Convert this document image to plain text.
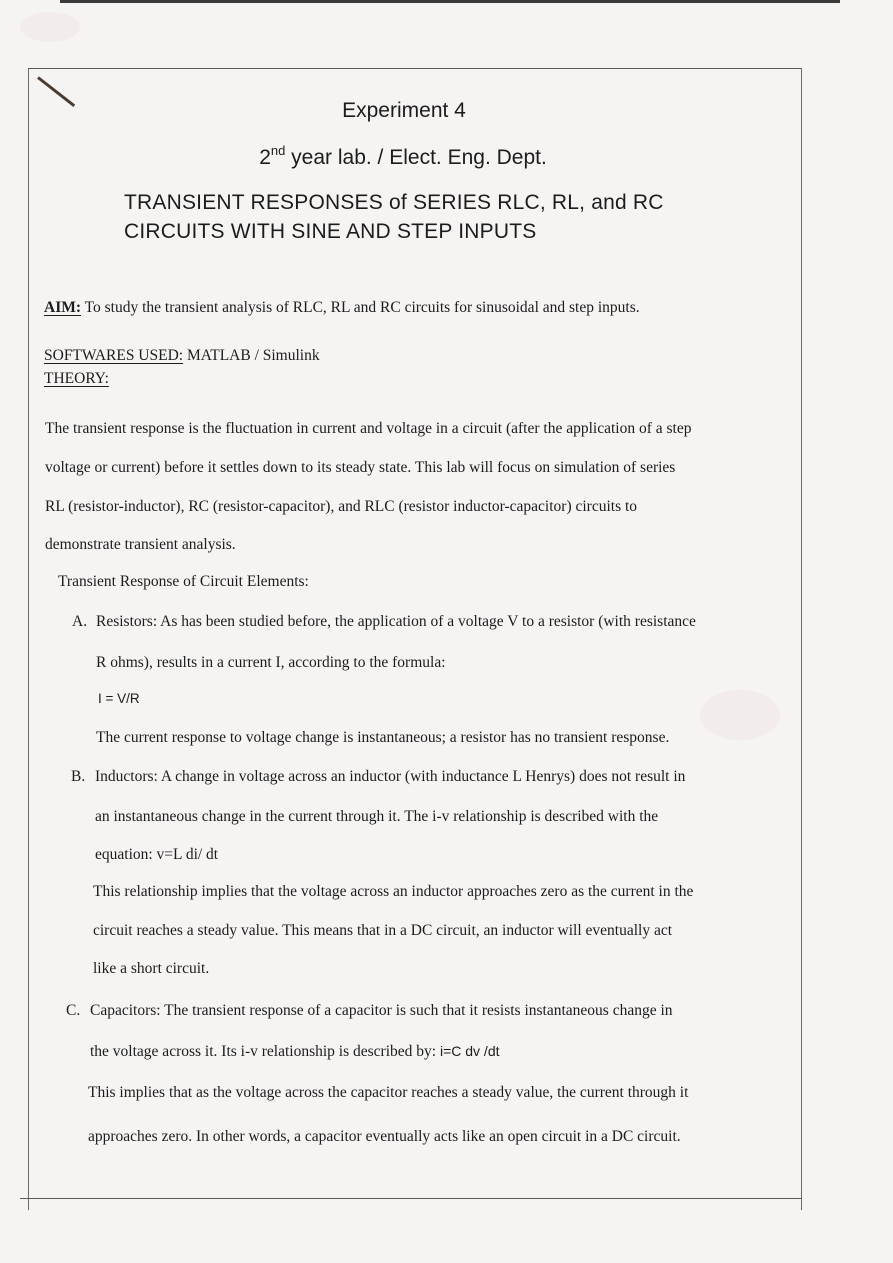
Experiment 4
2nd year lab. / Elect. Eng. Dept.
TRANSIENT RESPONSES of SERIES RLC, RL, and RC
CIRCUITS WITH SINE AND STEP INPUTS
AIM: To study the transient analysis of RLC, RL and RC circuits for sinusoidal and step inputs.
SOFTWARES USED: MATLAB / Simulink
THEORY:
The transient response is the fluctuation in current and voltage in a circuit (after the application of a step
voltage or current) before it settles down to its steady state. This lab will focus on simulation of series
RL (resistor-inductor), RC (resistor-capacitor), and RLC (resistor inductor-capacitor) circuits to
demonstrate transient analysis.
Transient Response of Circuit Elements:
A. Resistors: As has been studied before, the application of a voltage V to a resistor (with resistance
R ohms), results in a current I, according to the formula:
I = V/R
The current response to voltage change is instantaneous; a resistor has no transient response.
B. Inductors: A change in voltage across an inductor (with inductance L Henrys) does not result in
an instantaneous change in the current through it. The i-v relationship is described with the
equation: v=L di/ dt
This relationship implies that the voltage across an inductor approaches zero as the current in the
circuit reaches a steady value. This means that in a DC circuit, an inductor will eventually act
like a short circuit.
C. Capacitors: The transient response of a capacitor is such that it resists instantaneous change in
the voltage across it. Its i-v relationship is described by: i=C dv /dt
This implies that as the voltage across the capacitor reaches a steady value, the current through it
approaches zero. In other words, a capacitor eventually acts like an open circuit in a DC circuit.
